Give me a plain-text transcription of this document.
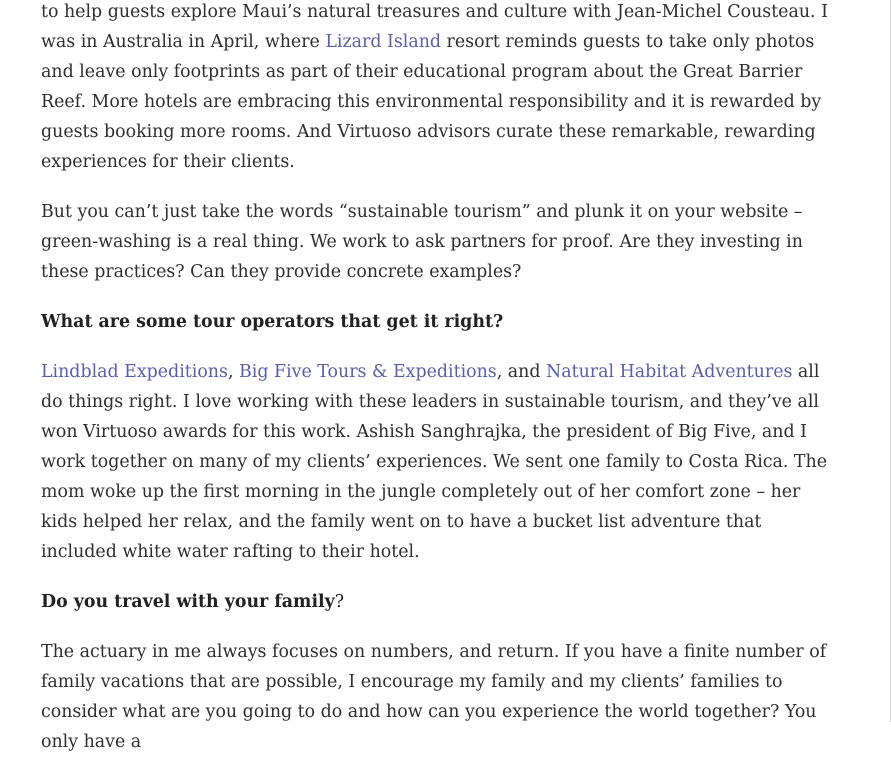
to help guests explore Maui’s natural treasures and culture with Jean-Michel Cousteau. I was in Australia in April, where Lizard Island resort reminds guests to take only photos and leave only footprints as part of their educational program about the Great Barrier Reef. More hotels are embracing this environmental responsibility and it is rewarded by guests booking more rooms. And Virtuoso advisors curate these remarkable, rewarding experiences for their clients.

But you can’t just take the words “sustainable tourism” and plunk it on your website – green-washing is a real thing. We work to ask partners for proof. Are they investing in these practices? Can they provide concrete examples?

What are some tour operators that get it right?

Lindblad Expeditions, Big Five Tours & Expeditions, and Natural Habitat Adventures all do things right. I love working with these leaders in sustainable tourism, and they’ve all won Virtuoso awards for this work. Ashish Sanghrajka, the president of Big Five, and I work together on many of my clients’ experiences. We sent one family to Costa Rica. The mom woke up the first morning in the jungle completely out of her comfort zone – her kids helped her relax, and the family went on to have a bucket list adventure that included white water rafting to their hotel.

Do you travel with your family?

The actuary in me always focuses on numbers, and return. If you have a finite number of family vacations that are possible, I encourage my family and my clients’ families to consider what are you going to do and how can you experience the world together? You only have a
